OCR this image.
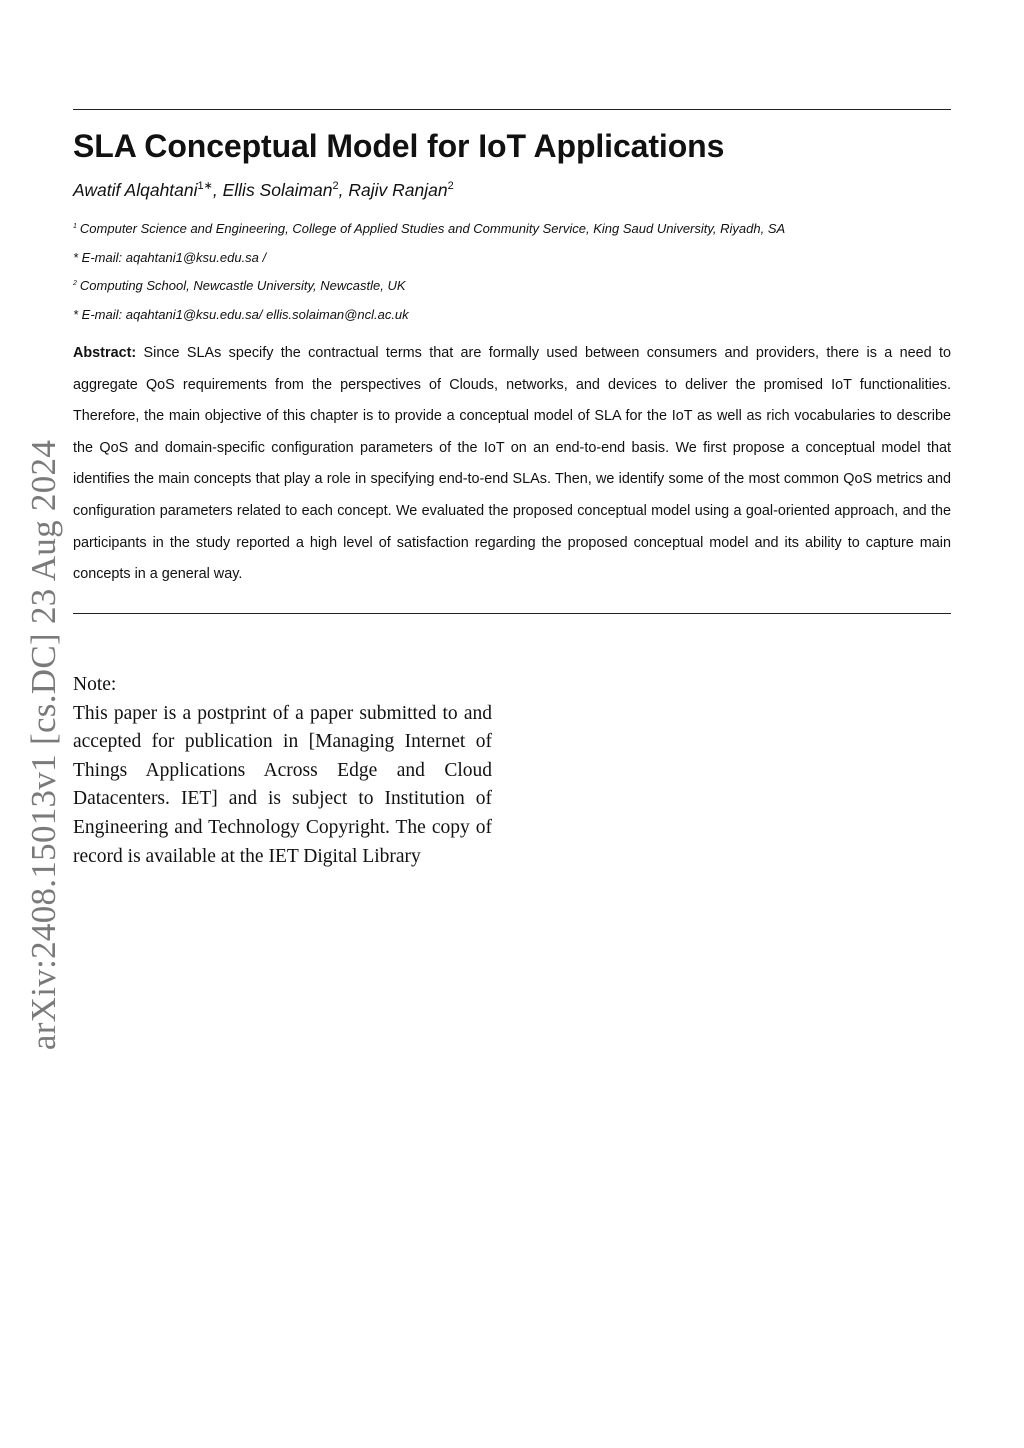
arXiv:2408.15013v1 [cs.DC] 23 Aug 2024
SLA Conceptual Model for IoT Applications
Awatif Alqahtani$^{1∗}$, Ellis Solaiman$^2$, Rajiv Ranjan$^2$
$^1$ Computer Science and Engineering, College of Applied Studies and Community Service, King Saud University, Riyadh, SA
* E-mail: aqahtani1@ksu.edu.sa /
$^2$ Computing School, Newcastle University, Newcastle, UK
* E-mail: aqahtani1@ksu.edu.sa/ ellis.solaiman@ncl.ac.uk

Abstract: Since SLAs specify the contractual terms that are formally used between consumers and providers, there is a need to aggregate QoS requirements from the perspectives of Clouds, networks, and devices to deliver the promised IoT functionalities. Therefore, the main objective of this chapter is to provide a conceptual model of SLA for the IoT as well as rich vocabularies to describe the QoS and domain-specific configuration parameters of the IoT on an end-to-end basis. We first propose a conceptual model that identifies the main concepts that play a role in specifying end-to-end SLAs. Then, we identify some of the most common QoS metrics and configuration parameters related to each concept. We evaluated the proposed conceptual model using a goal-oriented approach, and the participants in the study reported a high level of satisfaction regarding the proposed conceptual model and its ability to capture main concepts in a general way.

Note:

This paper is a postprint of a paper submitted to and accepted for publication in [Managing Internet of Things Applications Across Edge and Cloud Datacenters. IET] and is subject to Institution of Engineering and Technology Copyright. The copy of record is available at the IET Digital Library
